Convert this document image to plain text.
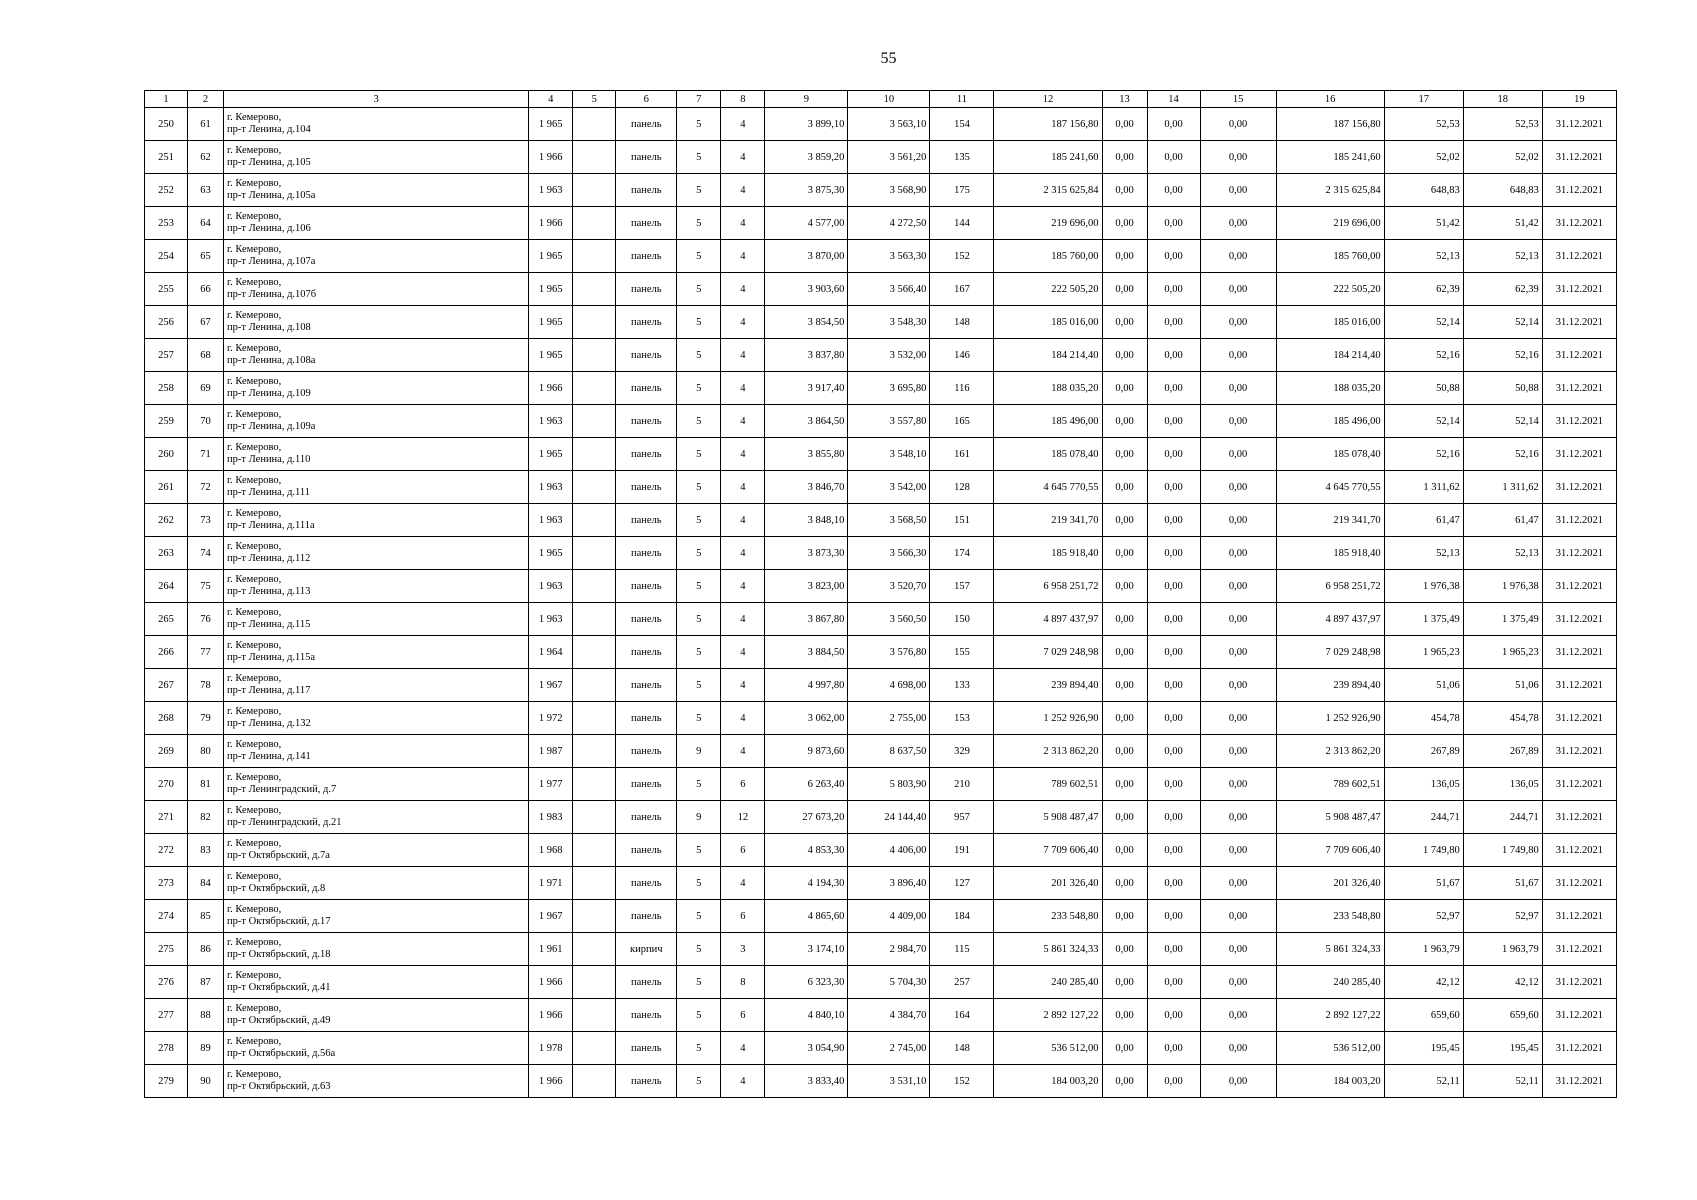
55
1	2	3	4	5	6	7	8	9	10	11	12	13	14	15	16	17	18	19
250	61	г. Кемерово,
пр-т Ленина, д.104	1 965		панель	5	4	3 899,10	3 563,10	154	187 156,80	0,00	0,00	0,00	187 156,80	52,53	52,53	31.12.2021
251	62	г. Кемерово,
пр-т Ленина, д.105	1 966		панель	5	4	3 859,20	3 561,20	135	185 241,60	0,00	0,00	0,00	185 241,60	52,02	52,02	31.12.2021
252	63	г. Кемерово,
пр-т Ленина, д.105а	1 963		панель	5	4	3 875,30	3 568,90	175	2 315 625,84	0,00	0,00	0,00	2 315 625,84	648,83	648,83	31.12.2021
253	64	г. Кемерово,
пр-т Ленина, д.106	1 966		панель	5	4	4 577,00	4 272,50	144	219 696,00	0,00	0,00	0,00	219 696,00	51,42	51,42	31.12.2021
254	65	г. Кемерово,
пр-т Ленина, д.107а	1 965		панель	5	4	3 870,00	3 563,30	152	185 760,00	0,00	0,00	0,00	185 760,00	52,13	52,13	31.12.2021
255	66	г. Кемерово,
пр-т Ленина, д.107б	1 965		панель	5	4	3 903,60	3 566,40	167	222 505,20	0,00	0,00	0,00	222 505,20	62,39	62,39	31.12.2021
256	67	г. Кемерово,
пр-т Ленина, д.108	1 965		панель	5	4	3 854,50	3 548,30	148	185 016,00	0,00	0,00	0,00	185 016,00	52,14	52,14	31.12.2021
257	68	г. Кемерово,
пр-т Ленина, д.108а	1 965		панель	5	4	3 837,80	3 532,00	146	184 214,40	0,00	0,00	0,00	184 214,40	52,16	52,16	31.12.2021
258	69	г. Кемерово,
пр-т Ленина, д.109	1 966		панель	5	4	3 917,40	3 695,80	116	188 035,20	0,00	0,00	0,00	188 035,20	50,88	50,88	31.12.2021
259	70	г. Кемерово,
пр-т Ленина, д.109а	1 963		панель	5	4	3 864,50	3 557,80	165	185 496,00	0,00	0,00	0,00	185 496,00	52,14	52,14	31.12.2021
260	71	г. Кемерово,
пр-т Ленина, д.110	1 965		панель	5	4	3 855,80	3 548,10	161	185 078,40	0,00	0,00	0,00	185 078,40	52,16	52,16	31.12.2021
261	72	г. Кемерово,
пр-т Ленина, д.111	1 963		панель	5	4	3 846,70	3 542,00	128	4 645 770,55	0,00	0,00	0,00	4 645 770,55	1 311,62	1 311,62	31.12.2021
262	73	г. Кемерово,
пр-т Ленина, д.111а	1 963		панель	5	4	3 848,10	3 568,50	151	219 341,70	0,00	0,00	0,00	219 341,70	61,47	61,47	31.12.2021
263	74	г. Кемерово,
пр-т Ленина, д.112	1 965		панель	5	4	3 873,30	3 566,30	174	185 918,40	0,00	0,00	0,00	185 918,40	52,13	52,13	31.12.2021
264	75	г. Кемерово,
пр-т Ленина, д.113	1 963		панель	5	4	3 823,00	3 520,70	157	6 958 251,72	0,00	0,00	0,00	6 958 251,72	1 976,38	1 976,38	31.12.2021
265	76	г. Кемерово,
пр-т Ленина, д.115	1 963		панель	5	4	3 867,80	3 560,50	150	4 897 437,97	0,00	0,00	0,00	4 897 437,97	1 375,49	1 375,49	31.12.2021
266	77	г. Кемерово,
пр-т Ленина, д.115а	1 964		панель	5	4	3 884,50	3 576,80	155	7 029 248,98	0,00	0,00	0,00	7 029 248,98	1 965,23	1 965,23	31.12.2021
267	78	г. Кемерово,
пр-т Ленина, д.117	1 967		панель	5	4	4 997,80	4 698,00	133	239 894,40	0,00	0,00	0,00	239 894,40	51,06	51,06	31.12.2021
268	79	г. Кемерово,
пр-т Ленина, д.132	1 972		панель	5	4	3 062,00	2 755,00	153	1 252 926,90	0,00	0,00	0,00	1 252 926,90	454,78	454,78	31.12.2021
269	80	г. Кемерово,
пр-т Ленина, д.141	1 987		панель	9	4	9 873,60	8 637,50	329	2 313 862,20	0,00	0,00	0,00	2 313 862,20	267,89	267,89	31.12.2021
270	81	г. Кемерово,
пр-т Ленинградский, д.7	1 977		панель	5	6	6 263,40	5 803,90	210	789 602,51	0,00	0,00	0,00	789 602,51	136,05	136,05	31.12.2021
271	82	г. Кемерово,
пр-т Ленинградский, д.21	1 983		панель	9	12	27 673,20	24 144,40	957	5 908 487,47	0,00	0,00	0,00	5 908 487,47	244,71	244,71	31.12.2021
272	83	г. Кемерово,
пр-т Октябрьский, д.7а	1 968		панель	5	6	4 853,30	4 406,00	191	7 709 606,40	0,00	0,00	0,00	7 709 606,40	1 749,80	1 749,80	31.12.2021
273	84	г. Кемерово,
пр-т Октябрьский, д.8	1 971		панель	5	4	4 194,30	3 896,40	127	201 326,40	0,00	0,00	0,00	201 326,40	51,67	51,67	31.12.2021
274	85	г. Кемерово,
пр-т Октябрьский, д.17	1 967		панель	5	6	4 865,60	4 409,00	184	233 548,80	0,00	0,00	0,00	233 548,80	52,97	52,97	31.12.2021
275	86	г. Кемерово,
пр-т Октябрьский, д.18	1 961		кирпич	5	3	3 174,10	2 984,70	115	5 861 324,33	0,00	0,00	0,00	5 861 324,33	1 963,79	1 963,79	31.12.2021
276	87	г. Кемерово,
пр-т Октябрьский, д.41	1 966		панель	5	8	6 323,30	5 704,30	257	240 285,40	0,00	0,00	0,00	240 285,40	42,12	42,12	31.12.2021
277	88	г. Кемерово,
пр-т Октябрьский, д.49	1 966		панель	5	6	4 840,10	4 384,70	164	2 892 127,22	0,00	0,00	0,00	2 892 127,22	659,60	659,60	31.12.2021
278	89	г. Кемерово,
пр-т Октябрьский, д.56а	1 978		панель	5	4	3 054,90	2 745,00	148	536 512,00	0,00	0,00	0,00	536 512,00	195,45	195,45	31.12.2021
279	90	г. Кемерово,
пр-т Октябрьский, д.63	1 966		панель	5	4	3 833,40	3 531,10	152	184 003,20	0,00	0,00	0,00	184 003,20	52,11	52,11	31.12.2021
